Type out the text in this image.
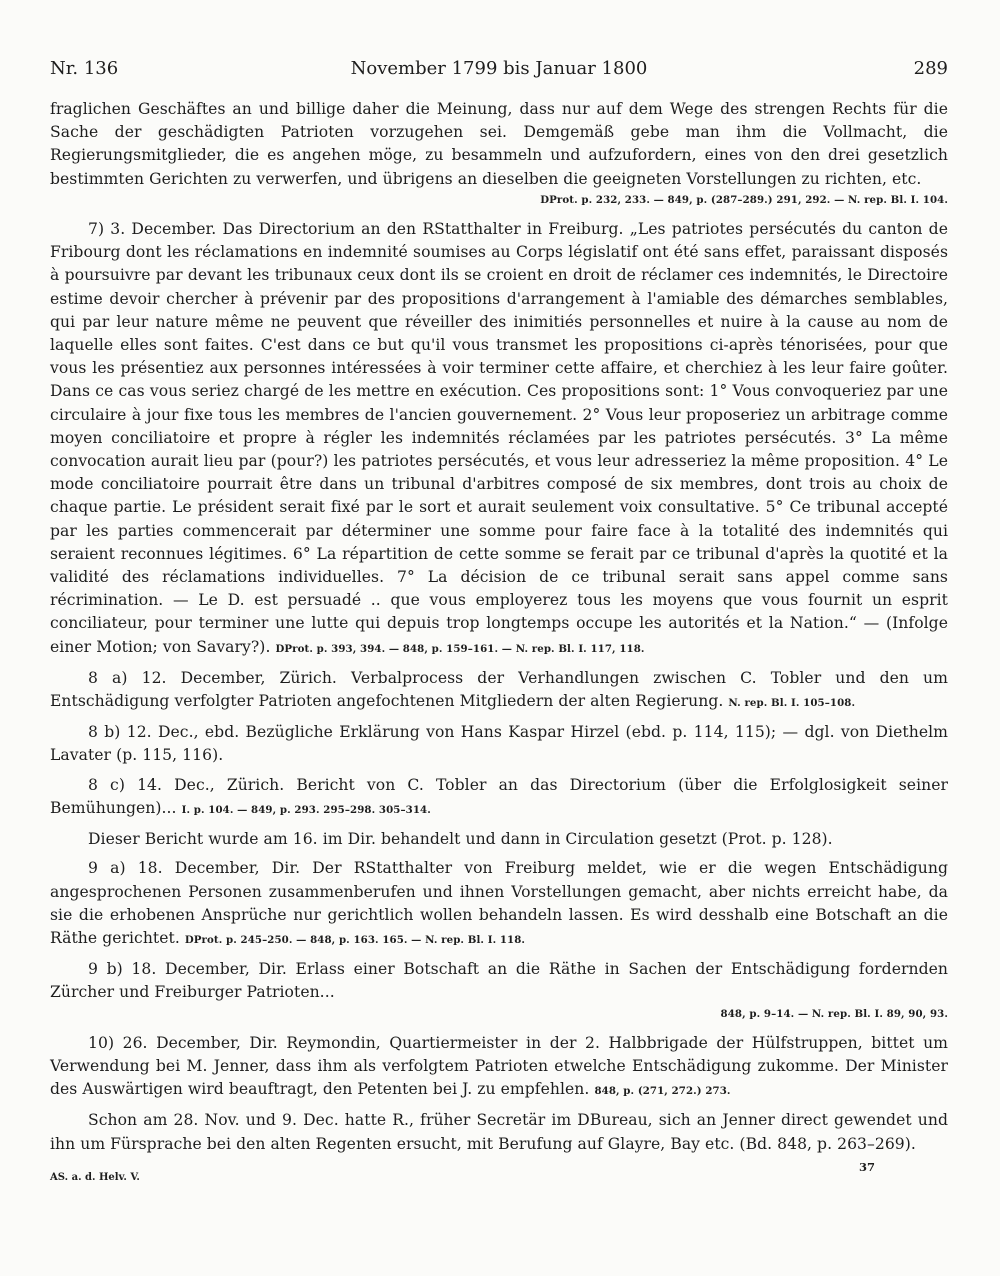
Nr. 136	November 1799 bis Januar 1800	289

fraglichen Geschäftes an und billige daher die Meinung, dass nur auf dem Wege des strengen Rechts für die Sache der geschädigten Patrioten vorzugehen sei. Demgemäß gebe man ihm die Vollmacht, die Regierungsmitglieder, die es angehen möge, zu besammeln und aufzufordern, eines von den drei gesetzlich bestimmten Gerichten zu verwerfen, und übrigens an dieselben die geeigneten Vorstellungen zu richten, etc.
DProt. p. 232, 233. — 849, p. (287–289.) 291, 292. — N. rep. Bl. I. 104.

7) 3. December. Das Directorium an den RStatthalter in Freiburg. „Les patriotes persécutés du canton de Fribourg dont les réclamations en indemnité soumises au Corps législatif ont été sans effet, paraissant disposés à poursuivre par devant les tribunaux ceux dont ils se croient en droit de réclamer ces indemnités, le Directoire estime devoir chercher à prévenir par des propositions d'arrangement à l'amiable des démarches semblables, qui par leur nature même ne peuvent que réveiller des inimitiés personnelles et nuire à la cause au nom de laquelle elles sont faites. C'est dans ce but qu'il vous transmet les propositions ci-après ténorisées, pour que vous les présentiez aux personnes intéressées à voir terminer cette affaire, et cherchiez à les leur faire goûter. Dans ce cas vous seriez chargé de les mettre en exécution. Ces propositions sont: 1° Vous convoqueriez par une circulaire à jour fixe tous les membres de l'ancien gouvernement. 2° Vous leur proposeriez un arbitrage comme moyen conciliatoire et propre à régler les indemnités réclamées par les patriotes persécutés. 3° La même convocation aurait lieu par (pour?) les patriotes persécutés, et vous leur adresseriez la même proposition. 4° Le mode conciliatoire pourrait être dans un tribunal d'arbitres composé de six membres, dont trois au choix de chaque partie. Le président serait fixé par le sort et aurait seulement voix consultative. 5° Ce tribunal accepté par les parties commencerait par déterminer une somme pour faire face à la totalité des indemnités qui seraient reconnues légitimes. 6° La répartition de cette somme se ferait par ce tribunal d'après la quotité et la validité des réclamations individuelles. 7° La décision de ce tribunal serait sans appel comme sans récrimination. — Le D. est persuadé .. que vous employerez tous les moyens que vous fournit un esprit conciliateur, pour terminer une lutte qui depuis trop longtemps occupe les autorités et la Nation.“ — (Infolge einer Motion; von Savary?). DProt. p. 393, 394. — 848, p. 159–161. — N. rep. Bl. I. 117, 118.

8 a) 12. December, Zürich. Verbalprocess der Verhandlungen zwischen C. Tobler und den um Entschädigung verfolgter Patrioten angefochtenen Mitgliedern der alten Regierung. N. rep. Bl. I. 105–108.

8 b) 12. Dec., ebd. Bezügliche Erklärung von Hans Kaspar Hirzel (ebd. p. 114, 115); — dgl. von Diethelm Lavater (p. 115, 116).

8 c) 14. Dec., Zürich. Bericht von C. Tobler an das Directorium (über die Erfolglosigkeit seiner Bemühungen)... I. p. 104. — 849, p. 293. 295–298. 305–314.

Dieser Bericht wurde am 16. im Dir. behandelt und dann in Circulation gesetzt (Prot. p. 128).

9 a) 18. December, Dir. Der RStatthalter von Freiburg meldet, wie er die wegen Entschädigung angesprochenen Personen zusammenberufen und ihnen Vorstellungen gemacht, aber nichts erreicht habe, da sie die erhobenen Ansprüche nur gerichtlich wollen behandeln lassen. Es wird desshalb eine Botschaft an die Räthe gerichtet. DProt. p. 245–250. — 848, p. 163. 165. — N. rep. Bl. I. 118.

9 b) 18. December, Dir. Erlass einer Botschaft an die Räthe in Sachen der Entschädigung fordernden Zürcher und Freiburger Patrioten...
848, p. 9–14. — N. rep. Bl. I. 89, 90, 93.

10) 26. December, Dir. Reymondin, Quartiermeister in der 2. Halbbrigade der Hülfstruppen, bittet um Verwendung bei M. Jenner, dass ihm als verfolgtem Patrioten etwelche Entschädigung zukomme. Der Minister des Auswärtigen wird beauftragt, den Petenten bei J. zu empfehlen. 848, p. (271, 272.) 273.

Schon am 28. Nov. und 9. Dec. hatte R., früher Secretär im DBureau, sich an Jenner direct gewendet und ihn um Fürsprache bei den alten Regenten ersucht, mit Berufung auf Glayre, Bay etc. (Bd. 848, p. 263–269).

AS. a. d. Helv. V.
37
